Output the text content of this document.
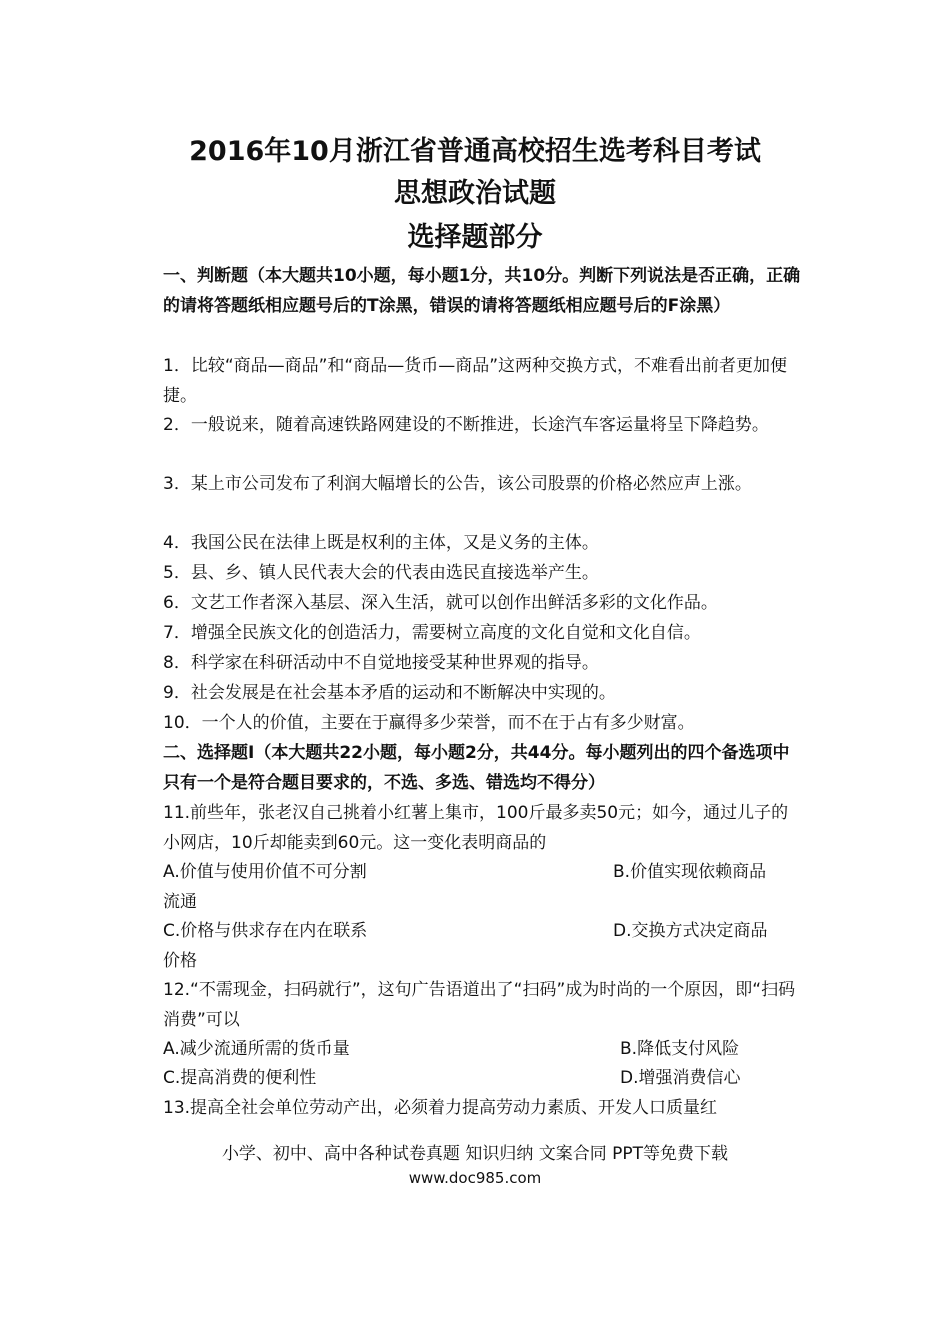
2016年10月浙江省普通高校招生选考科目考试
思想政治试题
选择题部分
一、判断题（本大题共10小题，每小题1分，共10分。判断下列说法是否正确，正确的请将答题纸相应题号后的T涂黑，错误的请将答题纸相应题号后的F涂黑）
1．比较“商品—商品”和“商品—货币—商品”这两种交换方式，不难看出前者更加便捷。
2．一般说来，随着高速铁路网建设的不断推进，长途汽车客运量将呈下降趋势。
3．某上市公司发布了利润大幅增长的公告，该公司股票的价格必然应声上涨。
4．我国公民在法律上既是权利的主体，又是义务的主体。
5．县、乡、镇人民代表大会的代表由选民直接选举产生。
6．文艺工作者深入基层、深入生活，就可以创作出鲜活多彩的文化作品。
7．增强全民族文化的创造活力，需要树立高度的文化自觉和文化自信。
8．科学家在科研活动中不自觉地接受某种世界观的指导。
9．社会发展是在社会基本矛盾的运动和不断解决中实现的。
10．一个人的价值，主要在于赢得多少荣誉，而不在于占有多少财富。
二、选择题I（本大题共22小题，每小题2分，共44分。每小题列出的四个备选项中只有一个是符合题目要求的，不选、多选、错选均不得分）
11.前些年，张老汉自己挑着小红薯上集市，100斤最多卖50元；如今，通过儿子的小网店，10斤却能卖到60元。这一变化表明商品的
A.价值与使用价值不可分割	B.价值实现依赖商品
流通
C.价格与供求存在内在联系	D.交换方式决定商品
价格
12.“不需现金，扫码就行”，这句广告语道出了“扫码”成为时尚的一个原因，即“扫码消费”可以
A.减少流通所需的货币量	B.降低支付风险
C.提高消费的便利性	D.增强消费信心
13.提高全社会单位劳动产出，必须着力提高劳动力素质、开发人口质量红
小学、初中、高中各种试卷真题 知识归纳 文案合同 PPT等免费下载
www.doc985.com
